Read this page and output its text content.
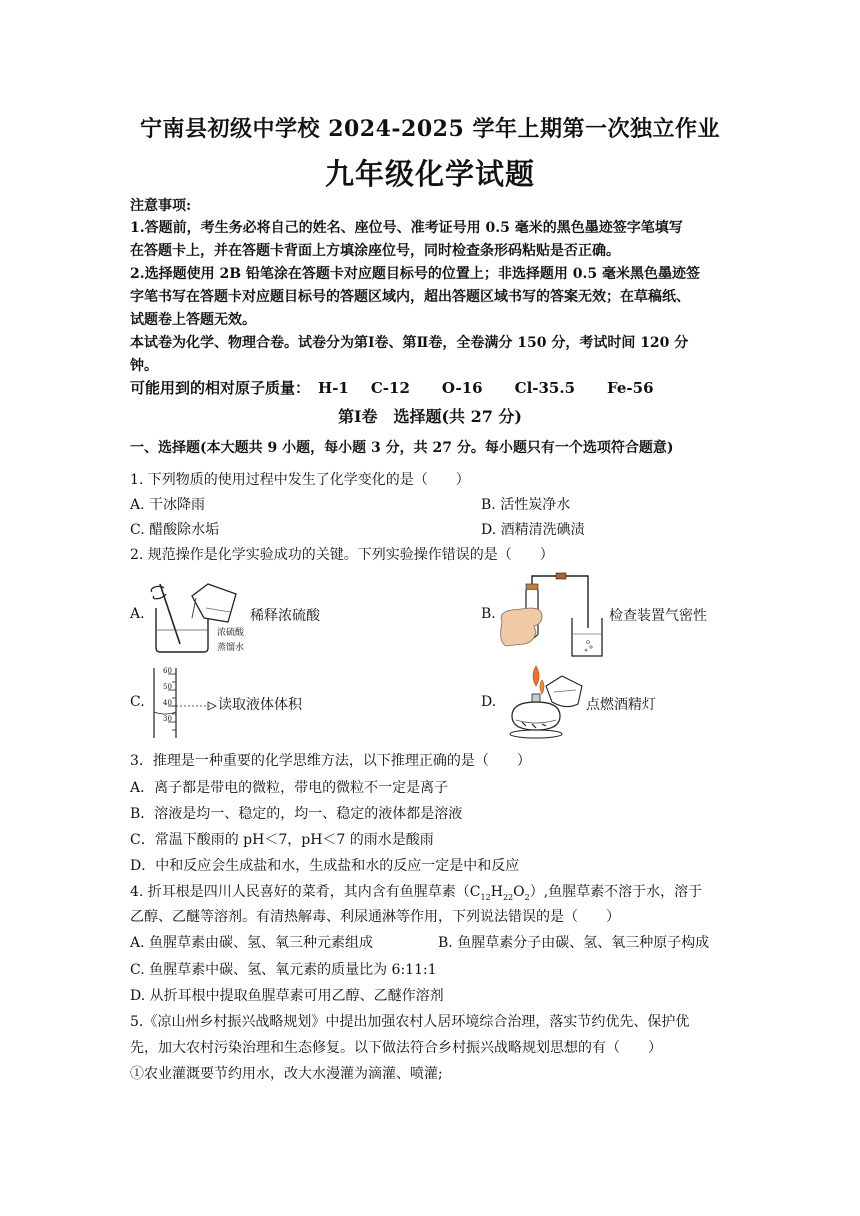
宁南县初级中学校 2024-2025 学年上期第一次独立作业
九年级化学试题
注意事项:
1.答题前，考生务必将自己的姓名、座位号、准考证号用 0.5 毫米的黑色墨迹签字笔填写
在答题卡上，并在答题卡背面上方填涂座位号，同时检查条形码粘贴是否正确。
2.选择题使用 2B 铅笔涂在答题卡对应题目标号的位置上；非选择题用 0.5 毫米黑色墨迹签
字笔书写在答题卡对应题目标号的答题区域内，超出答题区域书写的答案无效；在草稿纸、
试题卷上答题无效。
本试卷为化学、物理合卷。试卷分为第Ⅰ卷、第Ⅱ卷，全卷满分 150 分，考试时间 120 分
钟。
可能用到的相对原子质量： H-1 C-12 O-16 Cl-35.5 Fe-56
第Ⅰ卷　选择题(共 27 分)
一、选择题(本大题共 9 小题，每小题 3 分，共 27 分。每小题只有一个选项符合题意)
1. 下列物质的使用过程中发生了化学变化的是（　　）
A. 干冰降雨	B. 活性炭净水
C. 醋酸除水垢	D. 酒精清洗碘渍
2. 规范操作是化学实验成功的关键。下列实验操作错误的是（　　）
A.	稀释浓硫酸
浓硫酸
蒸馏水
B.	检查装置气密性
C.
60
50
40
30
读取液体体积	D.	点燃酒精灯
3．推理是一种重要的化学思维方法，以下推理正确的是（　　）
A．离子都是带电的微粒，带电的微粒不一定是离子
B．溶液是均一、稳定的，均一、稳定的液体都是溶液
C．常温下酸雨的 pH＜7，pH＜7 的雨水是酸雨
D．中和反应会生成盐和水，生成盐和水的反应一定是中和反应
4. 折耳根是四川人民喜好的菜肴，其内含有鱼腥草素$(C_{12}H_{22}O_2)$,鱼腥草素不溶于水，溶于
乙醇、乙醚等溶剂。有清热解毒、利尿通淋等作用，下列说法错误的是（　　）
A. 鱼腥草素由碳、氢、氧三种元素组成	B. 鱼腥草素分子由碳、氢、氧三种原子构成
C. 鱼腥草素中碳、氢、氧元素的质量比为 6:11:1
D. 从折耳根中提取鱼腥草素可用乙醇、乙醚作溶剂
5.《凉山州乡村振兴战略规划》中提出加强农村人居环境综合治理，落实节约优先、保护优
先，加大农村污染治理和生态修复。以下做法符合乡村振兴战略规划思想的有（　　）
①农业灌溉要节约用水，改大水漫灌为滴灌、喷灌;
